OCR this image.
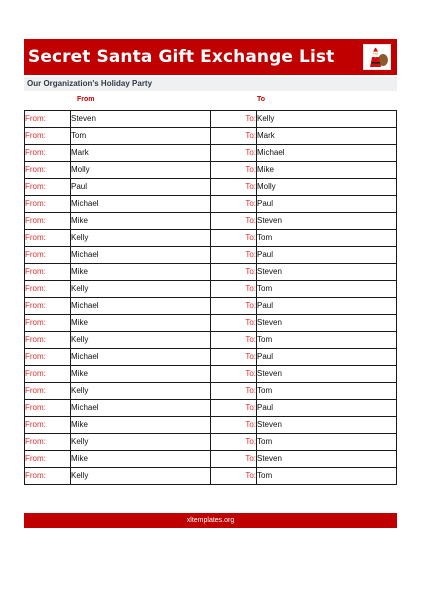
Secret Santa Gift Exchange List
Our Organization's Holiday Party
From	To
From:	Steven	To:	Kelly
From:	Tom	To:	Mark
From:	Mark	To:	Michael
From:	Molly	To:	Mike
From:	Paul	To:	Molly
From:	Michael	To:	Paul
From:	Mike	To:	Steven
From:	Kelly	To:	Tom
From:	Michael	To:	Paul
From:	Mike	To:	Steven
From:	Kelly	To:	Tom
From:	Michael	To:	Paul
From:	Mike	To:	Steven
From:	Kelly	To:	Tom
From:	Michael	To:	Paul
From:	Mike	To:	Steven
From:	Kelly	To:	Tom
From:	Michael	To:	Paul
From:	Mike	To:	Steven
From:	Kelly	To:	Tom
From:	Mike	To:	Steven
From:	Kelly	To:	Tom
xltemplates.org
